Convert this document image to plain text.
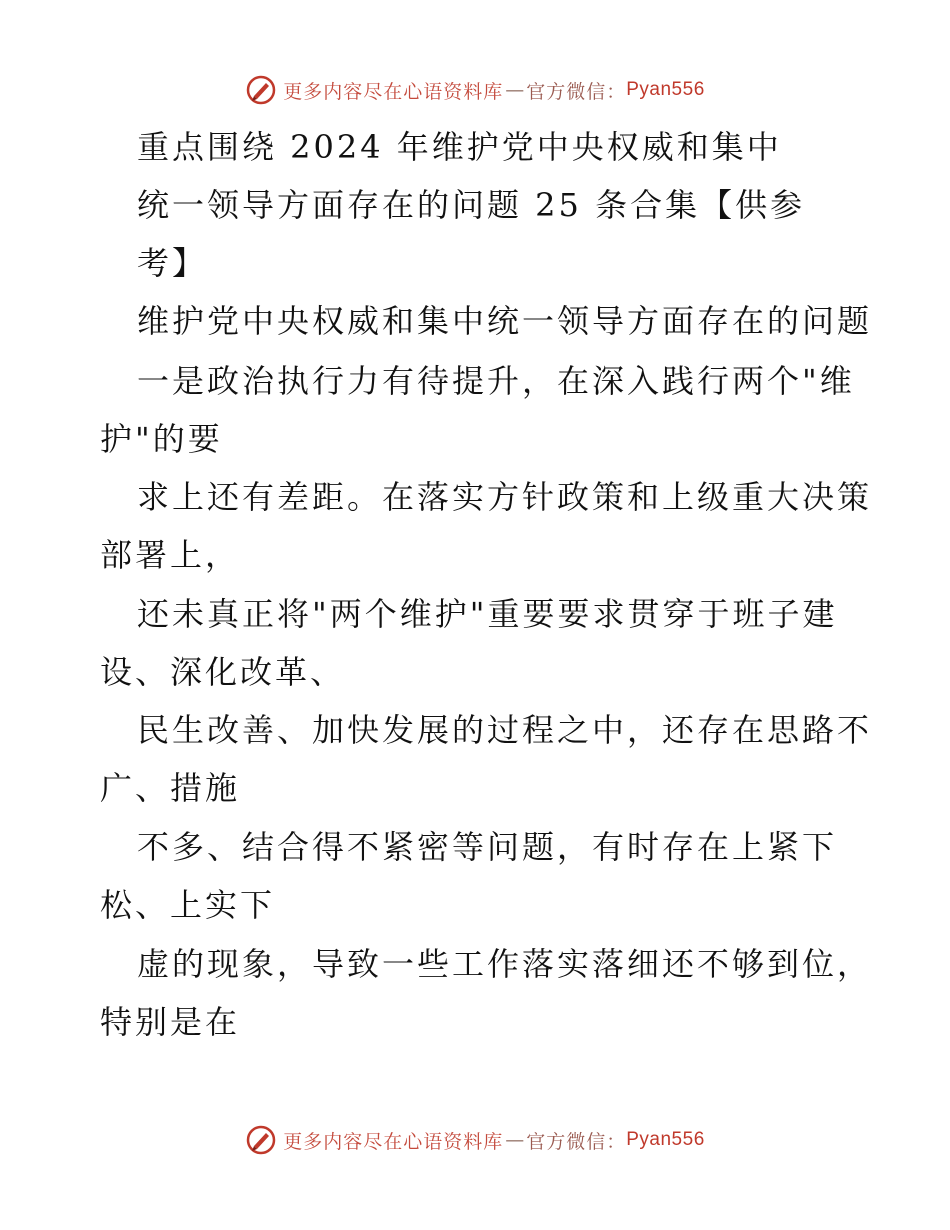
更多内容尽在心语资料库 — 官方微信： Pyan556
重点围绕 2024 年维护党中央权威和集中
统一领导方面存在的问题 25 条合集【供参
考】
维护党中央权威和集中统一领导方面存在的问题
一是政治执行力有待提升，在深入践行两个"维
护"的要
求上还有差距。在落实方针政策和上级重大决策
部署上，
还未真正将"两个维护"重要要求贯穿于班子建
设、深化改革、
民生改善、加快发展的过程之中，还存在思路不
广、措施
不多、结合得不紧密等问题，有时存在上紧下
松、上实下
虚的现象，导致一些工作落实落细还不够到位，
特别是在
更多内容尽在心语资料库 — 官方微信： Pyan556
